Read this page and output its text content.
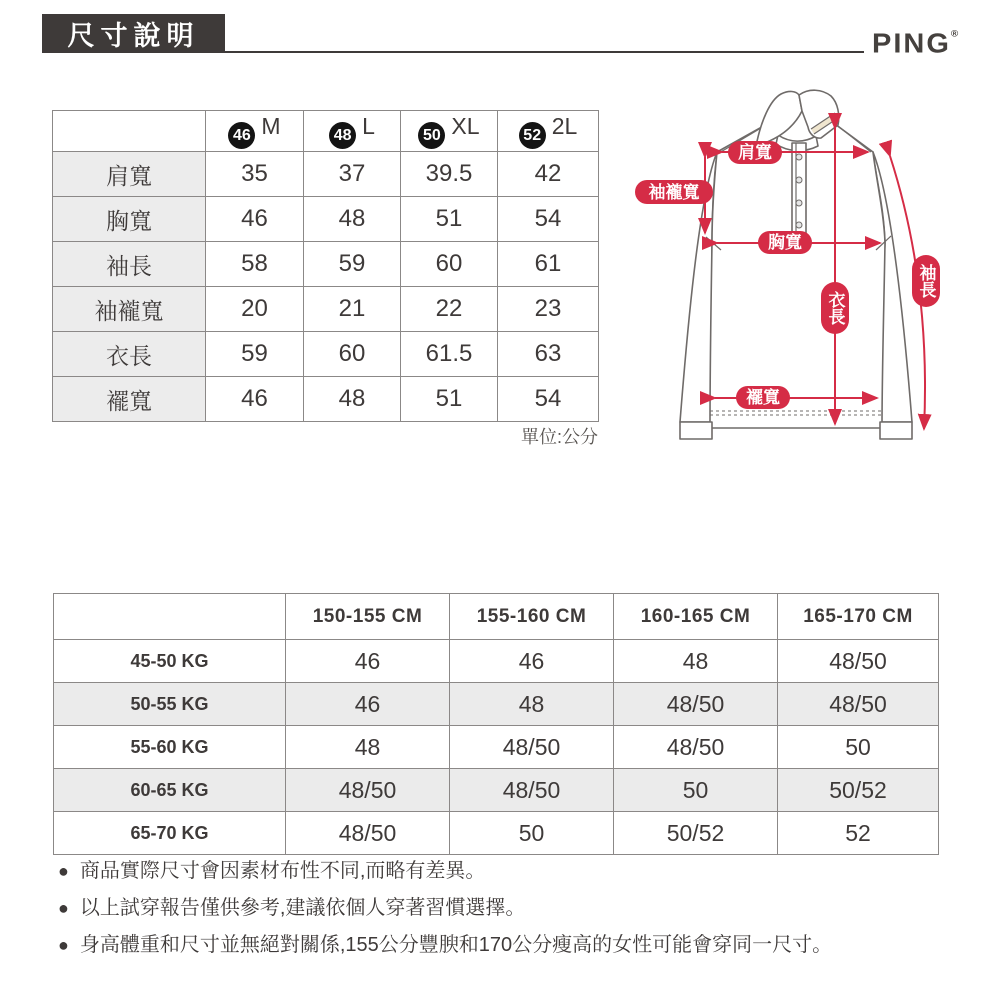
尺寸說明	PING®
女長袖	46 M	48 L	50 XL	52 2L
肩寬	35	37	39.5	42
胸寬	46	48	51	54
袖長	58	59	60	61
袖襱寬	20	21	22	23
衣長	59	60	61.5	63
襬寬	46	48	51	54
單位:公分
肩寬
袖襱寬
胸寬
衣長
袖長
襬寬
尺寸試穿建議	150-155 CM	155-160 CM	160-165 CM	165-170 CM
45-50 KG	46	46	48	48/50
50-55 KG	46	48	48/50	48/50
55-60 KG	48	48/50	48/50	50
60-65 KG	48/50	48/50	50	50/52
65-70 KG	48/50	50	50/52	52
● 商品實際尺寸會因素材布性不同,而略有差異。
● 以上試穿報告僅供參考,建議依個人穿著習慣選擇。
● 身高體重和尺寸並無絕對關係,155公分豐腴和170公分瘦高的女性可能會穿同一尺寸。
